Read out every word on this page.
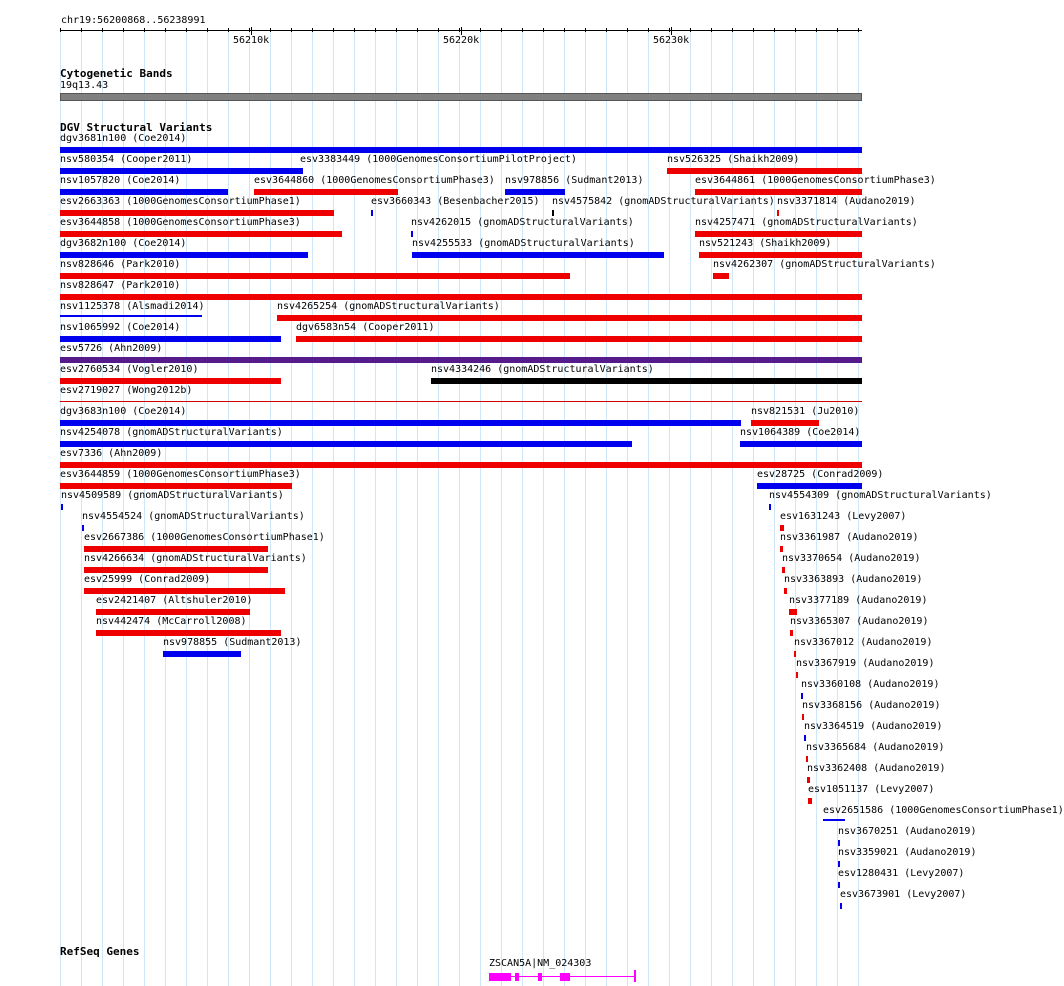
chr19:56200868..56238991
56210k	56220k	56230k
Cytogenetic Bands
19q13.43
DGV Structural Variants
dgv3681n100 (Coe2014)
nsv580354 (Cooper2011)	esv3383449 (1000GenomesConsortiumPilotProject)	nsv526325 (Shaikh2009)
nsv1057820 (Coe2014)	esv3644860 (1000GenomesConsortiumPhase3) nsv978856 (Sudmant2013)	esv3644861 (1000GenomesConsortiumPhase3)
esv2663363 (1000GenomesConsortiumPhase1)	esv3660343 (Besenbacher2015) nsv4575842 (gnomADStructuralVariants) nsv3371814 (Audano2019)
esv3644858 (1000GenomesConsortiumPhase3)	nsv4262015 (gnomADStructuralVariants)	nsv4257471 (gnomADStructuralVariants)
dgv3682n100 (Coe2014)	nsv4255533 (gnomADStructuralVariants)	nsv521243 (Shaikh2009)
nsv828646 (Park2010)	nsv4262307 (gnomADStructuralVariants)
nsv828647 (Park2010)
nsv1125378 (Alsmadi2014)	nsv4265254 (gnomADStructuralVariants)
nsv1065992 (Coe2014)	dgv6583n54 (Cooper2011)
esv5726 (Ahn2009)
esv2760534 (Vogler2010)	nsv4334246 (gnomADStructuralVariants)
esv2719027 (Wong2012b)
dgv3683n100 (Coe2014)	nsv821531 (Ju2010)
nsv4254078 (gnomADStructuralVariants)	nsv1064389 (Coe2014)
esv7336 (Ahn2009)
esv3644859 (1000GenomesConsortiumPhase3)	esv28725 (Conrad2009)
nsv4509589 (gnomADStructuralVariants)	nsv4554309 (gnomADStructuralVariants)
nsv4554524 (gnomADStructuralVariants)	esv1631243 (Levy2007)
esv2667386 (1000GenomesConsortiumPhase1)	nsv3361987 (Audano2019)
nsv4266634 (gnomADStructuralVariants)	nsv3370654 (Audano2019)
esv25999 (Conrad2009)	nsv3363893 (Audano2019)
esv2421407 (Altshuler2010)	nsv3377189 (Audano2019)
nsv442474 (McCarroll2008)	nsv3365307 (Audano2019)
nsv978855 (Sudmant2013)	nsv3367012 (Audano2019)
nsv3367919 (Audano2019)
nsv3360108 (Audano2019)
nsv3368156 (Audano2019)
nsv3364519 (Audano2019)
nsv3365684 (Audano2019)
nsv3362408 (Audano2019)
esv1051137 (Levy2007)
esv2651586 (1000GenomesConsortiumPhase1)
nsv3670251 (Audano2019)
nsv3359021 (Audano2019)
esv1280431 (Levy2007)
esv3673901 (Levy2007)
RefSeq Genes
ZSCAN5A|NM_024303
